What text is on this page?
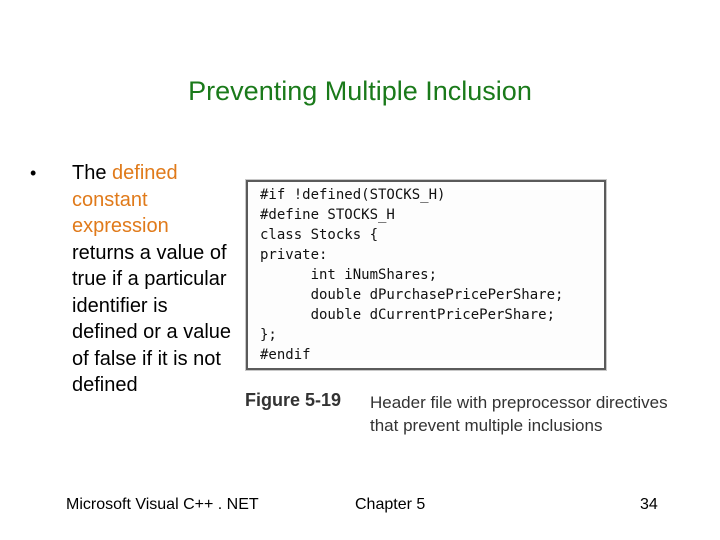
Preventing Multiple Inclusion
• The defined constant expression returns a value of true if a particular identifier is defined or a value of false if it is not defined
#if !defined(STOCKS_H)
#define STOCKS_H
class Stocks {
private:
int iNumShares;
double dPurchasePricePerShare;
double dCurrentPricePerShare;
};
#endif
Figure 5-19 Header file with preprocessor directives that prevent multiple inclusions
Microsoft Visual C++ . NET	Chapter 5	34
